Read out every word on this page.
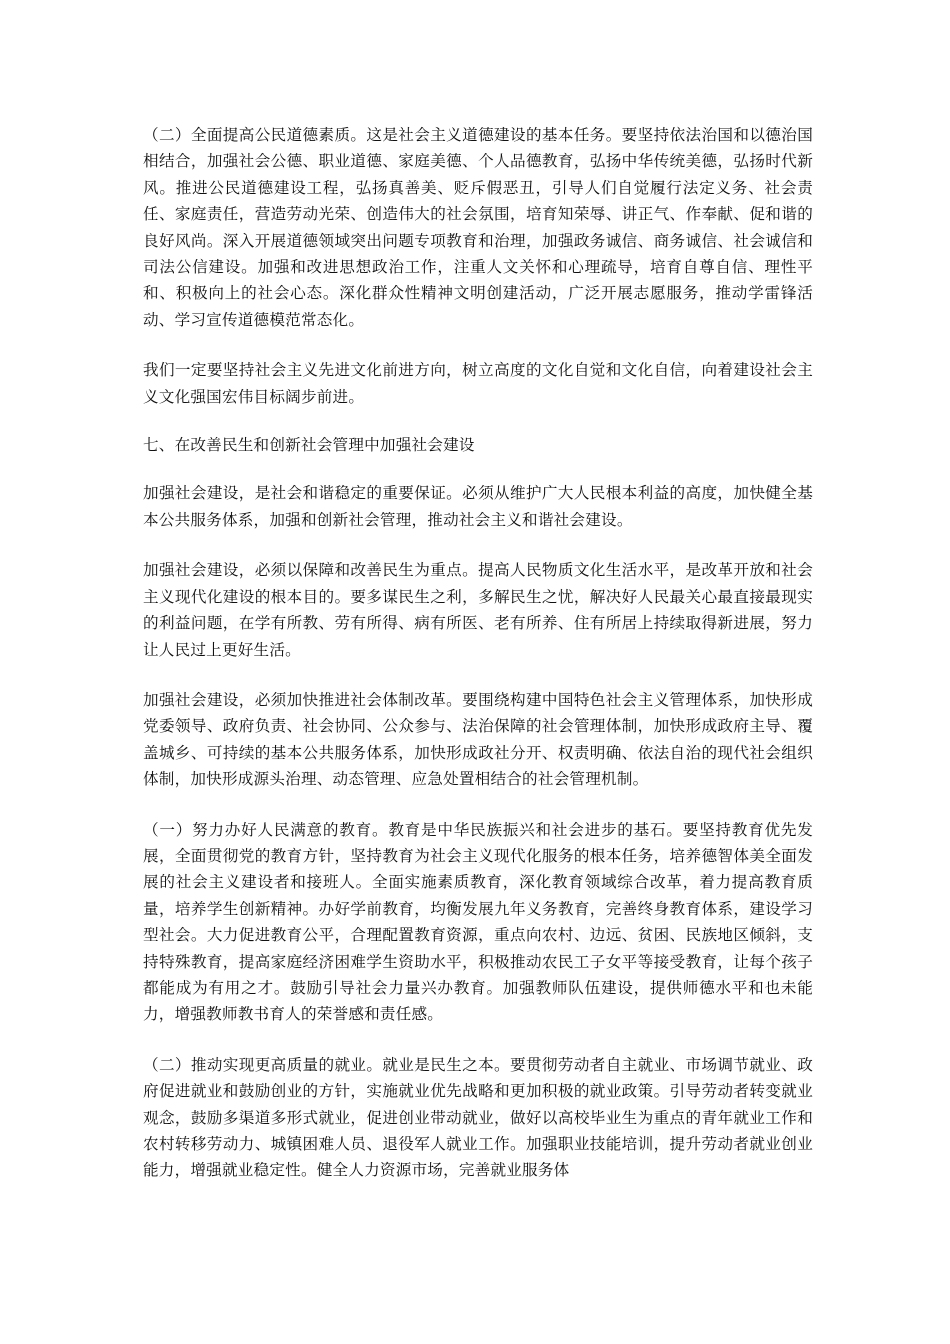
（二）全面提高公民道德素质。这是社会主义道德建设的基本任务。要坚持依法治国和以德治国相结合，加强社会公德、职业道德、家庭美德、个人品德教育，弘扬中华传统美德，弘扬时代新风。推进公民道德建设工程，弘扬真善美、贬斥假恶丑，引导人们自觉履行法定义务、社会责任、家庭责任，营造劳动光荣、创造伟大的社会氛围，培育知荣辱、讲正气、作奉献、促和谐的良好风尚。深入开展道德领域突出问题专项教育和治理，加强政务诚信、商务诚信、社会诚信和司法公信建设。加强和改进思想政治工作，注重人文关怀和心理疏导，培育自尊自信、理性平和、积极向上的社会心态。深化群众性精神文明创建活动，广泛开展志愿服务，推动学雷锋活动、学习宣传道德模范常态化。

我们一定要坚持社会主义先进文化前进方向，树立高度的文化自觉和文化自信，向着建设社会主义文化强国宏伟目标阔步前进。

七、在改善民生和创新社会管理中加强社会建设

加强社会建设，是社会和谐稳定的重要保证。必须从维护广大人民根本利益的高度，加快健全基本公共服务体系，加强和创新社会管理，推动社会主义和谐社会建设。

加强社会建设，必须以保障和改善民生为重点。提高人民物质文化生活水平，是改革开放和社会主义现代化建设的根本目的。要多谋民生之利，多解民生之忧，解决好人民最关心最直接最现实的利益问题，在学有所教、劳有所得、病有所医、老有所养、住有所居上持续取得新进展，努力让人民过上更好生活。

加强社会建设，必须加快推进社会体制改革。要围绕构建中国特色社会主义管理体系，加快形成党委领导、政府负责、社会协同、公众参与、法治保障的社会管理体制，加快形成政府主导、覆盖城乡、可持续的基本公共服务体系，加快形成政社分开、权责明确、依法自治的现代社会组织体制，加快形成源头治理、动态管理、应急处置相结合的社会管理机制。

（一）努力办好人民满意的教育。教育是中华民族振兴和社会进步的基石。要坚持教育优先发展，全面贯彻党的教育方针，坚持教育为社会主义现代化服务的根本任务，培养德智体美全面发展的社会主义建设者和接班人。全面实施素质教育，深化教育领域综合改革，着力提高教育质量，培养学生创新精神。办好学前教育，均衡发展九年义务教育，完善终身教育体系，建设学习型社会。大力促进教育公平，合理配置教育资源，重点向农村、边远、贫困、民族地区倾斜，支持特殊教育，提高家庭经济困难学生资助水平，积极推动农民工子女平等接受教育，让每个孩子都能成为有用之才。鼓励引导社会力量兴办教育。加强教师队伍建设，提供师德水平和也未能力，增强教师教书育人的荣誉感和责任感。

（二）推动实现更高质量的就业。就业是民生之本。要贯彻劳动者自主就业、市场调节就业、政府促进就业和鼓励创业的方针，实施就业优先战略和更加积极的就业政策。引导劳动者转变就业观念，鼓励多渠道多形式就业，促进创业带动就业，做好以高校毕业生为重点的青年就业工作和农村转移劳动力、城镇困难人员、退役军人就业工作。加强职业技能培训，提升劳动者就业创业能力，增强就业稳定性。健全人力资源市场，完善就业服务体
